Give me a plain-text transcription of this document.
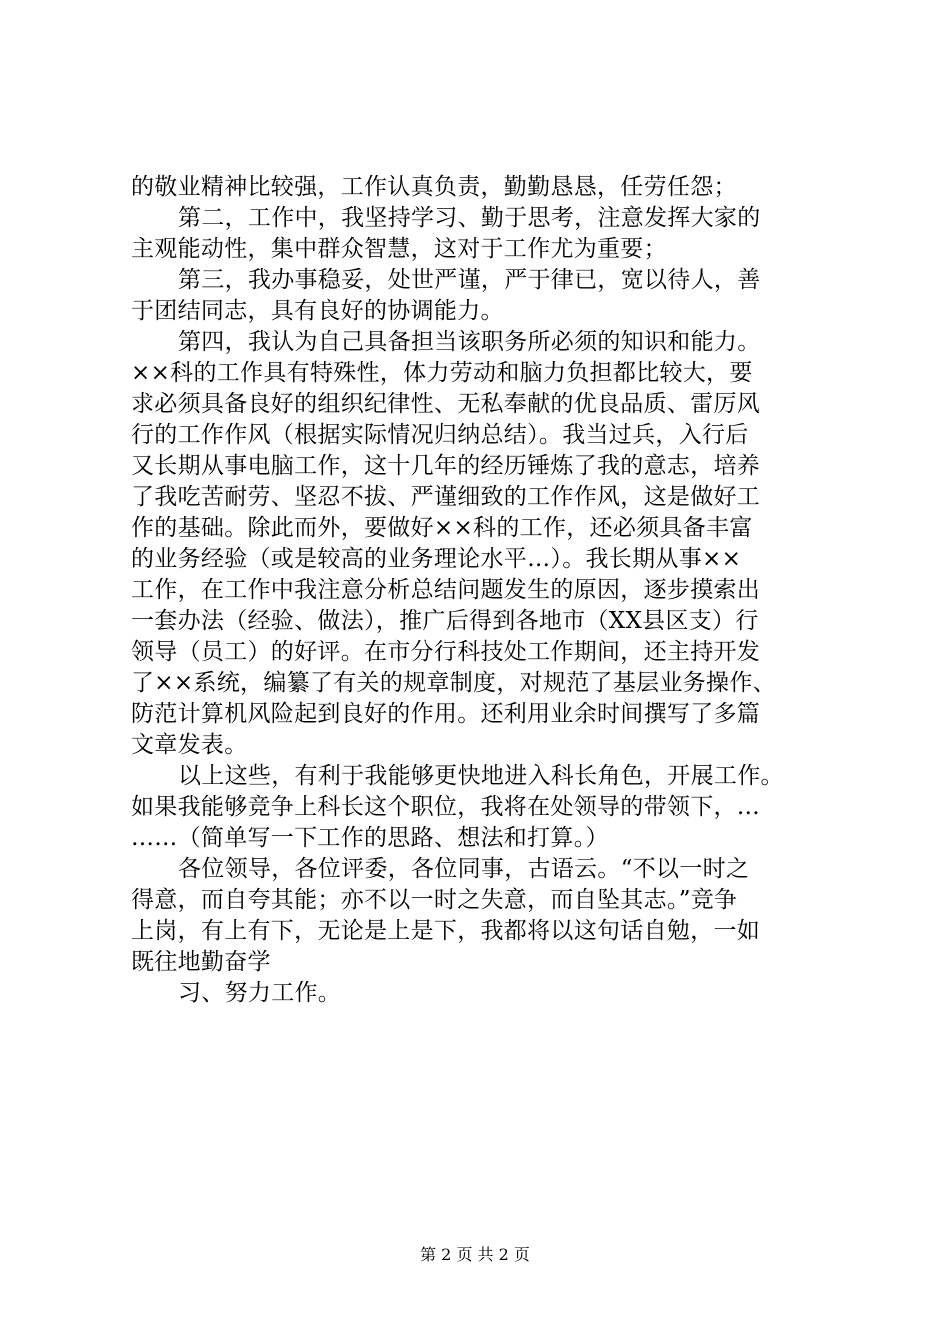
的敬业精神比较强，工作认真负责，勤勤恳恳，任劳任怨；
第二，工作中，我坚持学习、勤于思考，注意发挥大家的
主观能动性，集中群众智慧，这对于工作尤为重要；
第三，我办事稳妥，处世严谨，严于律已，宽以待人，善
于团结同志，具有良好的协调能力。
第四，我认为自己具备担当该职务所必须的知识和能力。
××科的工作具有特殊性，体力劳动和脑力负担都比较大，要
求必须具备良好的组织纪律性、无私奉献的优良品质、雷厉风
行的工作作风（根据实际情况归纳总结）。我当过兵，入行后
又长期从事电脑工作，这十几年的经历锤炼了我的意志，培养
了我吃苦耐劳、坚忍不拔、严谨细致的工作作风，这是做好工
作的基础。除此而外，要做好××科的工作，还必须具备丰富
的业务经验（或是较高的业务理论水平…）。我长期从事××
工作，在工作中我注意分析总结问题发生的原因，逐步摸索出
一套办法（经验、做法），推广后得到各地市（XX县区支）行
领导（员工）的好评。在市分行科技处工作期间，还主持开发
了××系统，编纂了有关的规章制度，对规范了基层业务操作、
防范计算机风险起到良好的作用。还利用业余时间撰写了多篇
文章发表。
以上这些，有利于我能够更快地进入科长角色，开展工作。
如果我能够竞争上科长这个职位，我将在处领导的带领下，…
……（简单写一下工作的思路、想法和打算。）
各位领导，各位评委，各位同事，古语云。“不以一时之
得意，而自夸其能；亦不以一时之失意，而自坠其志。”竞争
上岗，有上有下，无论是上是下，我都将以这句话自勉，一如
既往地勤奋学
习、努力工作。
第 2 页 共 2 页
